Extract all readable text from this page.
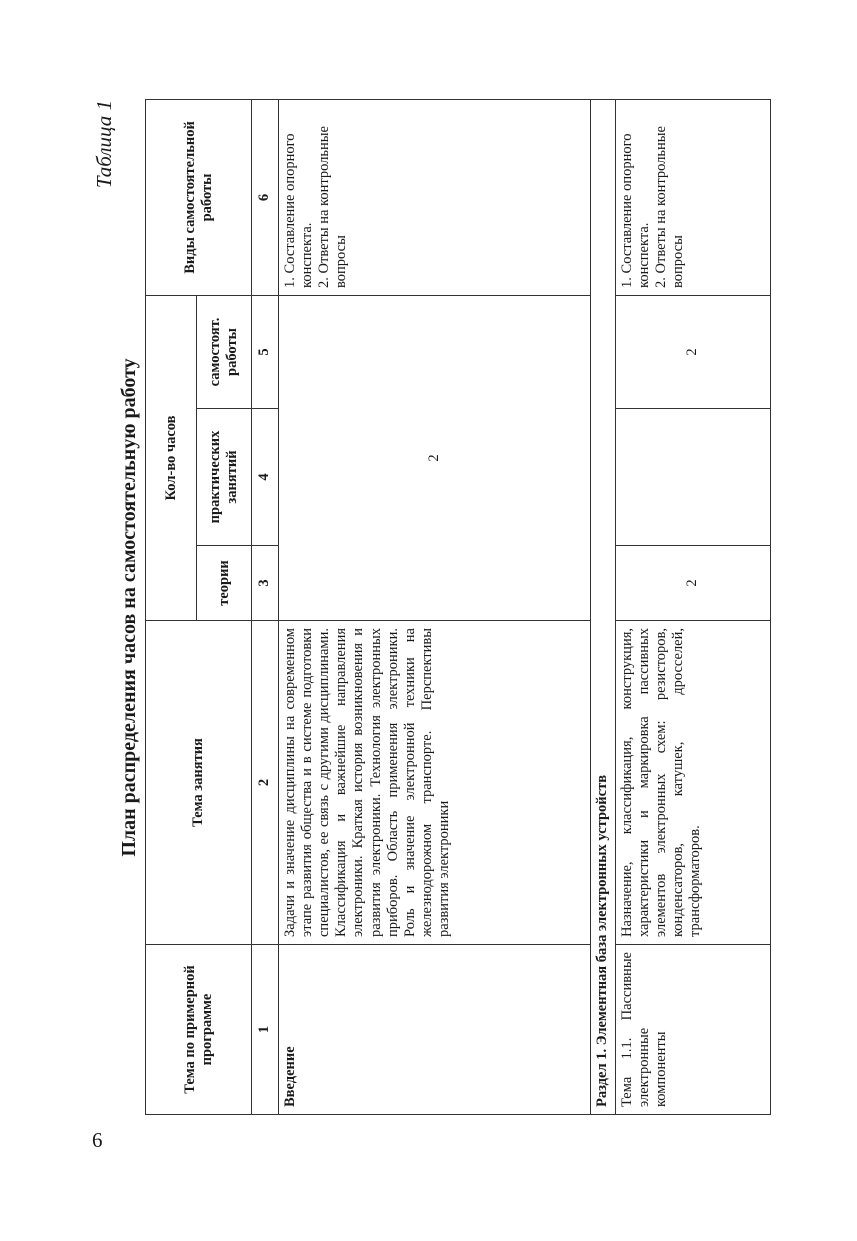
6
Таблица 1
План распределения часов на самостоятельную работу
Тема по примерной программе	Тема занятия	Кол-во часов			Виды самостоятельной работы
		теории	практических занятий	самостоят. работы	
1	2	3	4	5	6
Введение	Задачи и значение дисциплины на современном этапе развития общества и в системе подготовки специалистов, ее связь с другими дисциплинами. Классификация и важнейшие направления электроники. Краткая история возникновения и развития электроники. Технология электронных приборов. Область применения электроники. Роль и значение электронной техники на железнодорожном транспорте. Перспективы развития электроники	2			1. Составление опорного конспекта. 2. Ответы на контрольные вопросы

Раздел 1. Элементная база электронных устройств					
Тема 1.1. Пассивные электронные компоненты	Назначение, классификация, конструкция, характеристики и маркировка пассивных элементов электронных схем: резисторов, конденсаторов, катушек, дросселей, трансформаторов.	2		2	1. Составление опорного конспекта. 2. Ответы на контрольные вопросы
